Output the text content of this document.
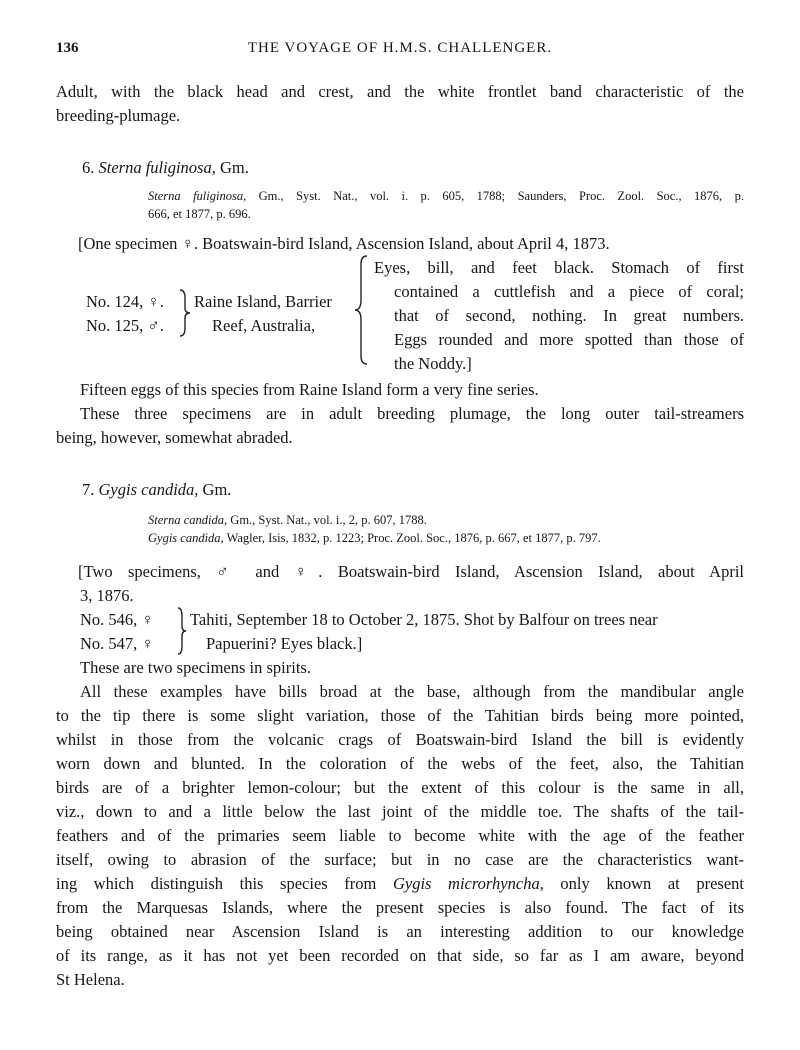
136	THE VOYAGE OF H.M.S. CHALLENGER.
Adult, with the black head and crest, and the white frontlet band characteristic of the
breeding-plumage.
6. Sterna fuliginosa, Gm.
Sterna fuliginosa, Gm., Syst. Nat., vol. i. p. 605, 1788; Saunders, Proc. Zool. Soc., 1876, p.
666, et 1877, p. 696.
[One specimen ♀. Boatswain-bird Island, Ascension Island, about April 4, 1873.
No. 124, ♀.
No. 125, ♂.
Raine Island, Barrier
Reef, Australia,
Eyes, bill, and feet black. Stomach of first
contained a cuttlefish and a piece of coral;
that of second, nothing. In great numbers.
Eggs rounded and more spotted than those of
the Noddy.]
Fifteen eggs of this species from Raine Island form a very fine series.
These three specimens are in adult breeding plumage, the long outer tail-streamers
being, however, somewhat abraded.
7. Gygis candida, Gm.
Sterna candida, Gm., Syst. Nat., vol. i., 2, p. 607, 1788.
Gygis candida, Wagler, Isis, 1832, p. 1223; Proc. Zool. Soc., 1876, p. 667, et 1877, p. 797.
[Two specimens, ♂ and ♀. Boatswain-bird Island, Ascension Island, about April
3, 1876.
No. 546, ♀
No. 547, ♀
Tahiti, September 18 to October 2, 1875. Shot by Balfour on trees near
Papuerini? Eyes black.]
These are two specimens in spirits.
All these examples have bills broad at the base, although from the mandibular angle
to the tip there is some slight variation, those of the Tahitian birds being more pointed,
whilst in those from the volcanic crags of Boatswain-bird Island the bill is evidently
worn down and blunted. In the coloration of the webs of the feet, also, the Tahitian
birds are of a brighter lemon-colour; but the extent of this colour is the same in all,
viz., down to and a little below the last joint of the middle toe. The shafts of the tail-
feathers and of the primaries seem liable to become white with the age of the feather
itself, owing to abrasion of the surface; but in no case are the characteristics want-
ing which distinguish this species from Gygis microrhyncha, only known at present
from the Marquesas Islands, where the present species is also found. The fact of its
being obtained near Ascension Island is an interesting addition to our knowledge
of its range, as it has not yet been recorded on that side, so far as I am aware, beyond
St Helena.
